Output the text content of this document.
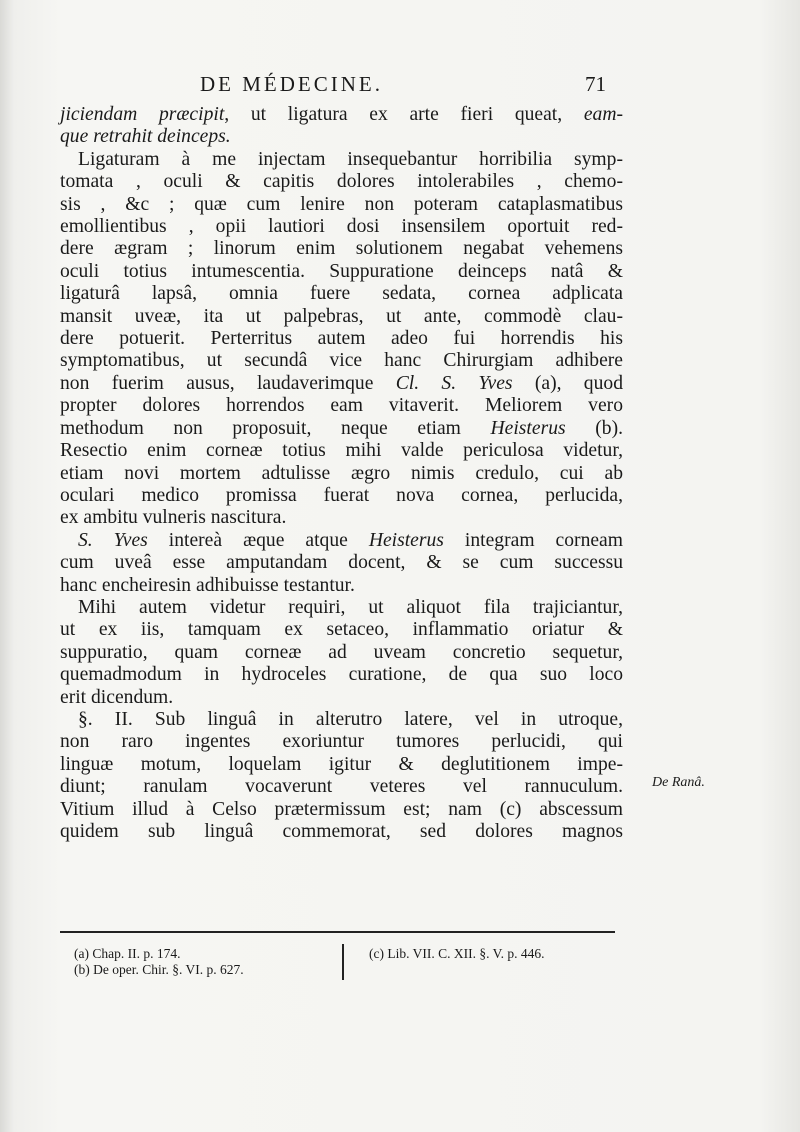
DE MÉDECINE.	71
jiciendam præcipit, ut ligatura ex arte fieri queat, eam-
que retrahit deinceps.
Ligaturam à me injectam insequebantur horribilia symp-
tomata , oculi & capitis dolores intolerabiles , chemo-
sis , &c ; quæ cum lenire non poteram cataplasmatibus
emollientibus , opii lautiori dosi insensilem oportuit red-
dere ægram ; linorum enim solutionem negabat vehemens
oculi totius intumescentia. Suppuratione deinceps natâ &
ligaturâ lapsâ, omnia fuere sedata, cornea adplicata
mansit uveæ, ita ut palpebras, ut ante, commodè clau-
dere potuerit. Perterritus autem adeo fui horrendis his
symptomatibus, ut secundâ vice hanc Chirurgiam adhibere
non fuerim ausus, laudaverimque Cl. S. Yves (a), quod
propter dolores horrendos eam vitaverit. Meliorem vero
methodum non proposuit, neque etiam Heisterus (b).
Resectio enim corneæ totius mihi valde periculosa videtur,
etiam novi mortem adtulisse ægro nimis credulo, cui ab
oculari medico promissa fuerat nova cornea, perlucida,
ex ambitu vulneris nascitura.
S. Yves intereà æque atque Heisterus integram corneam
cum uveâ esse amputandam docent, & se cum successu
hanc encheiresin adhibuisse testantur.
Mihi autem videtur requiri, ut aliquot fila trajiciantur,
ut ex iis, tamquam ex setaceo, inflammatio oriatur &
suppuratio, quam corneæ ad uveam concretio sequetur,
quemadmodum in hydroceles curatione, de qua suo loco
erit dicendum.
§. II. Sub linguâ in alterutro latere, vel in utroque,
non raro ingentes exoriuntur tumores perlucidi, qui
linguæ motum, loquelam igitur & deglutitionem impe-
diunt; ranulam vocaverunt veteres vel rannuculum.
Vitium illud à Celso prætermissum est; nam (c) abscessum
quidem sub linguâ commemorat, sed dolores magnos
De Ranâ.
(a) Chap. II. p. 174.
(b) De oper. Chir. §. VI. p. 627.
(c) Lib. VII. C. XII. §. V. p. 446.
